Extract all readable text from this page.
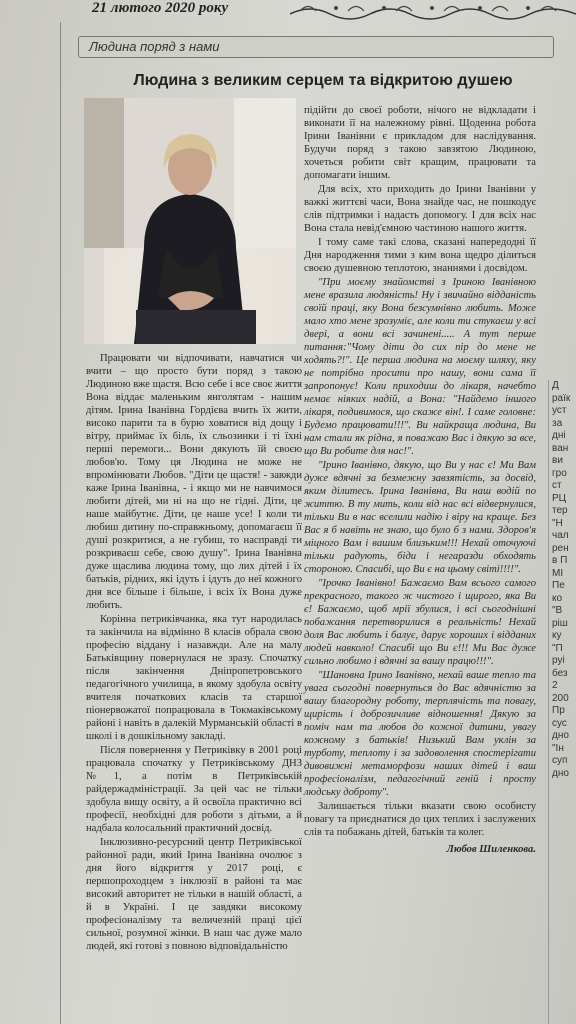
21 лютого 2020 року
Людина поряд з нами
Людина з великим серцем та відкритою душею

підійти до своєї роботи, нічого не відкладати і виконати її на належному рівні. Щоденна робота Ірини Іванівни є прикладом для наслідування. Будучи поряд з такою завзятою Людиною, хочеться робити світ кращим, працювати та допомагати іншим.

Для всіх, хто приходить до Ірини Іванівни у важкі життєві часи, Вона знайде час, не пошкодує слів підтримки і надасть допомогу. І для всіх нас Вона стала невід'ємною частиною нашого життя.

І тому саме такі слова, сказані напередодні її Дня народження тими з ким вона щедро ділиться своєю душевною теплотою, знаннями і досвідом.

"При моєму знайомстві з Іриною Іванівною мене вразила людяність! Ну і звичайно відданість своїй праці, яку Вона безсумнівно любить. Може мало хто мене зрозуміє, але коли ти стукаєш у всі двері, а вони всі зачинені..... А тут перше питання:"Чому діти до сих пір до мене не ходять?!". Це перша людина на моєму шляху, яку не потрібно просити про нашу, вони сама її запропонує! Коли приходиш до лікаря, начебто немає ніяких надій, а Вона: "Найдемо іншого лікаря, подивимося, що скаже він!. І саме головне: Будемо працювати!!!". Ви найкраща людина, Ви нам стали як рідна, я поважаю Вас і дякую за все, що Ви робите для нас!".

"Ірино Іванівно, дякую, що Ви у нас є! Ми Вам дуже вдячні за безмежну завзятість, за досвід, яким ділитесь. Ірина Іванівна, Ви наш водій по життю. В ту мить, коли від нас всі відвернулися, тільки Ви в нас вселили надію і віру на краще. Без Вас я б навіть не знаю, що було б з нами. Здоров'я міцного Вам і вашим близьким!!! Нехай оточуючі тільки радують, біди і негаразди обходять стороною. Спасибі, що Ви є на цьому світі!!!!".

"Ірочко Іванівно! Бажаємо Вам всього самого прекрасного, такого ж чистого і щирого, яка Ви є! Бажаємо, щоб мрії збулися, і всі сьогоднішні побажання перетворилися в реальність! Нехай доля Вас любить і балує, дарує хороших і відданих людей навколо! Спасибі що Ви є!!! Ми Вас дуже сильно любимо і вдячні за вашу працю!!!".

"Шановна Ірино Іванівно, нехай ваше тепло та увага сьогодні повернуться до Вас вдячністю за вашу благородну роботу, терплячість та повагу, щирість і доброзичливе відношення! Дякую за поміч нам та любов до кожної дитини, увагу кожному з батьків! Низький Вам уклін за турботу, теплоту і за задоволення спостерігати дивовижні метаморфози наших дітей і ваш професіоналізм, педагогічний геній і просту людську доброту".

Залишається тільки вказати свою особисту повагу та приєднатися до цих теплих і заслужених слів та побажань дітей, батьків та колег.

Любов Шиленкова.

Працювати чи відпочивати, навчатися чи вчити – що просто бути поряд з такою Людиною вже щастя. Всю себе і все своє життя Вона віддає маленьким янголятам - нашим дітям. Ірина Іванівна Гордієва вчить їх жити, високо парити та в бурю ховатися від дощу і вітру, приймає їх біль, їх сльозинки і ті їхні перші перемоги... Вони дякують їй своєю любов'ю. Тому ця Людина не може не впромінювати Любов. "Діти це щастя! - завжди каже Ірина Іванівна, - і якщо ми не навчимося любити дітей, ми ні на що не гідні. Діти, це наше майбутнє. Діти, це наше усе! І коли ти любиш дитину по-справжньому, допомагаєш її душі розкритися, а не губиш, то насправді ти розкриваєш себе, свою душу". Ірина Іванівна дуже щаслива людина тому, що лих дітей і їх батьків, рідних, які ідуть і ідуть до неї кожного дня все більше і більше, і всіх їх Вона дуже любить.

Корінна петриківчанка, яка тут народилась та закінчила на відмінно 8 класів обрала свою професію віддану і назавжди. Але на малу Батьківщину повернулася не зразу. Спочатку після закінчення Дніпропетровського педагогічного училища, в якому здобула освіту вчителя початкових класів та старшої піонервожатої попрацювала в Токмаківському районі і навіть в далекій Мурманській області в школі і в дошкільному закладі.

Після повернення у Петриківку в 2001 році працювала спочатку у Петриківському ДНЗ №1, а потім в Петриківській райдержадміністрації. За цей час не тільки здобула вищу освіту, а й освоїла практично всі професії, необхідні для роботи з дітьми, а й надбала колосальний практичний досвід.

Інклюзивно-ресурсний центр Петриківської районної ради, який Ірина Іванівна очолює з дня його відкриття у 2017 році, є першопроходцем з інклюзії в районі та має високий авторитет не тільки в нашій області, а й в Україні. І це завдяки високому професіоналізму та величезній праці цієї сильної, розумної жінки. В наш час дуже мало людей, які готові з повною відповідальністю

Д
раїк
уст
за
дні
ван
ви
гро
ст
РЦ
тер
"Н
чал
рен
в П
МІ
Пе
ко
"В
ріш
ку
"П
руі
без
2
200
Пр
сус
дно
"Ін
суп
дно
